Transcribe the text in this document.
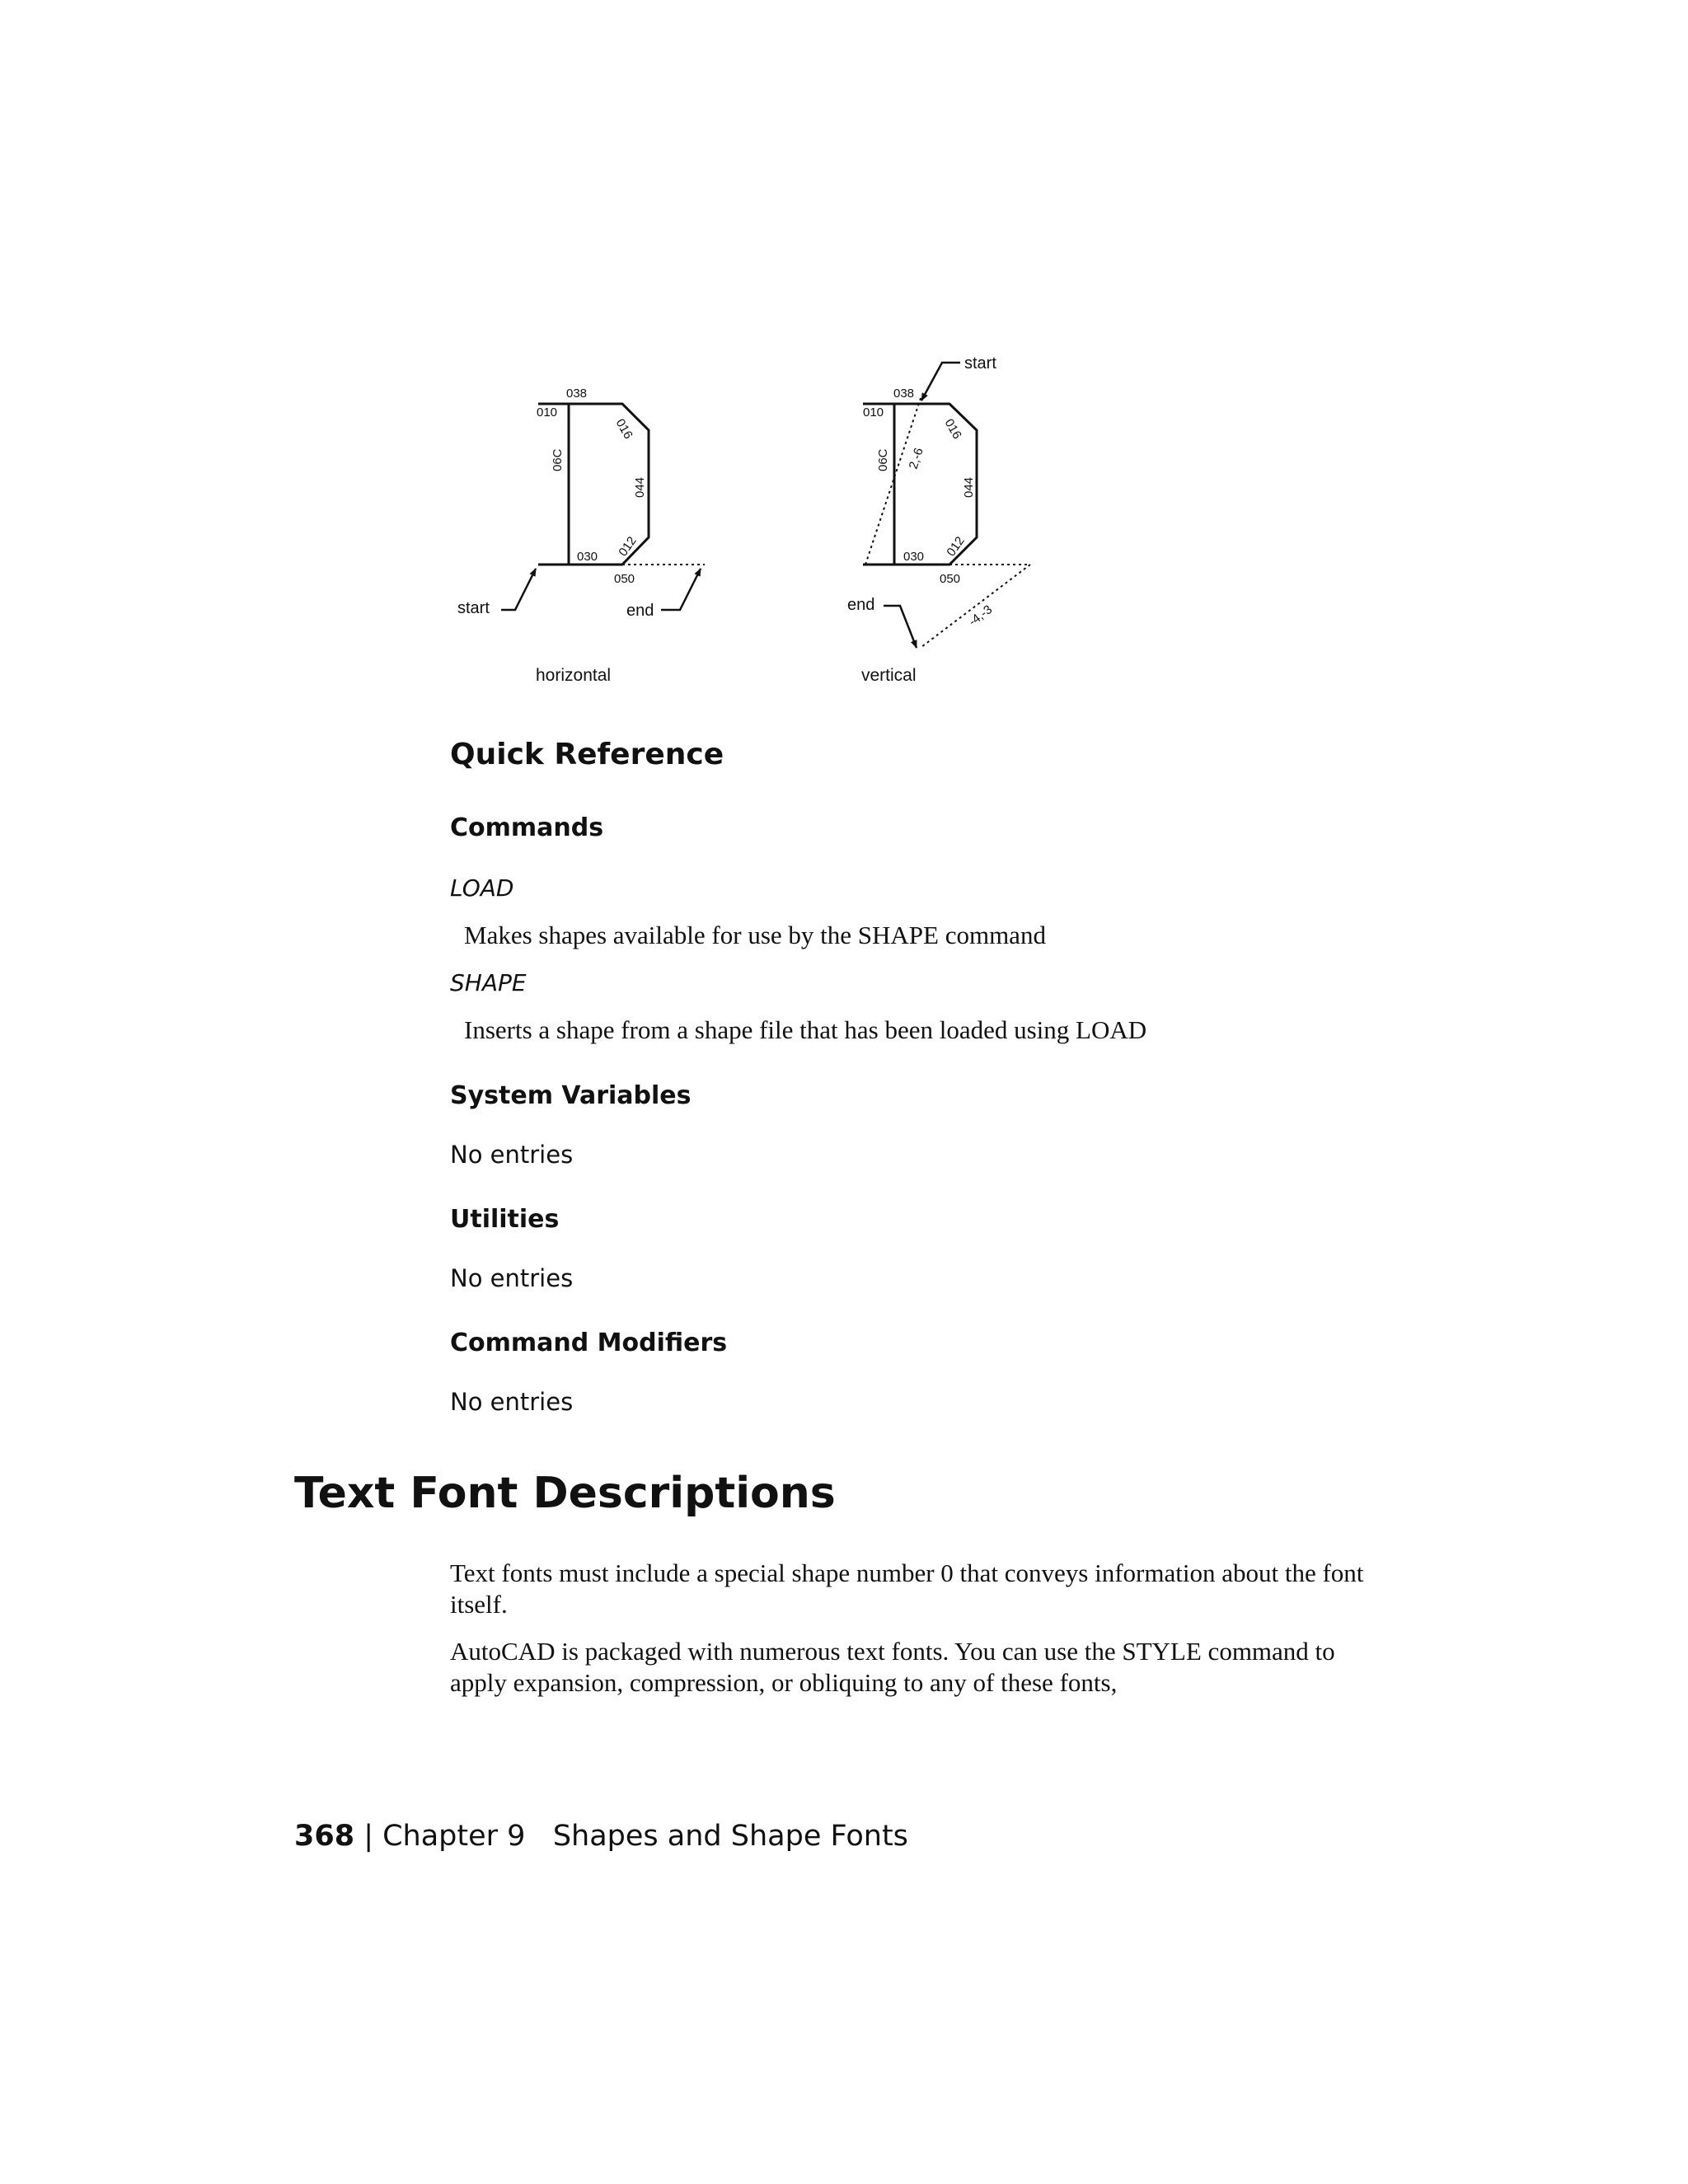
038
010
016
06C
044
030 012
050
start	end
horizontal
038
010
016
06C
044
030 012
050
2,-6
-4,-3
start
end
vertical
Quick Reference
Commands
LOAD
Makes shapes available for use by the SHAPE command
SHAPE
Inserts a shape from a shape file that has been loaded using LOAD
System Variables
No entries
Utilities
No entries
Command Modifiers
No entries
Text Font Descriptions

Text fonts must include a special shape number 0 that conveys information about the font itself.

AutoCAD is packaged with numerous text fonts. You can use the STYLE command to apply expansion, compression, or obliquing to any of these fonts,

368 | Chapter 9 Shapes and Shape Fonts
